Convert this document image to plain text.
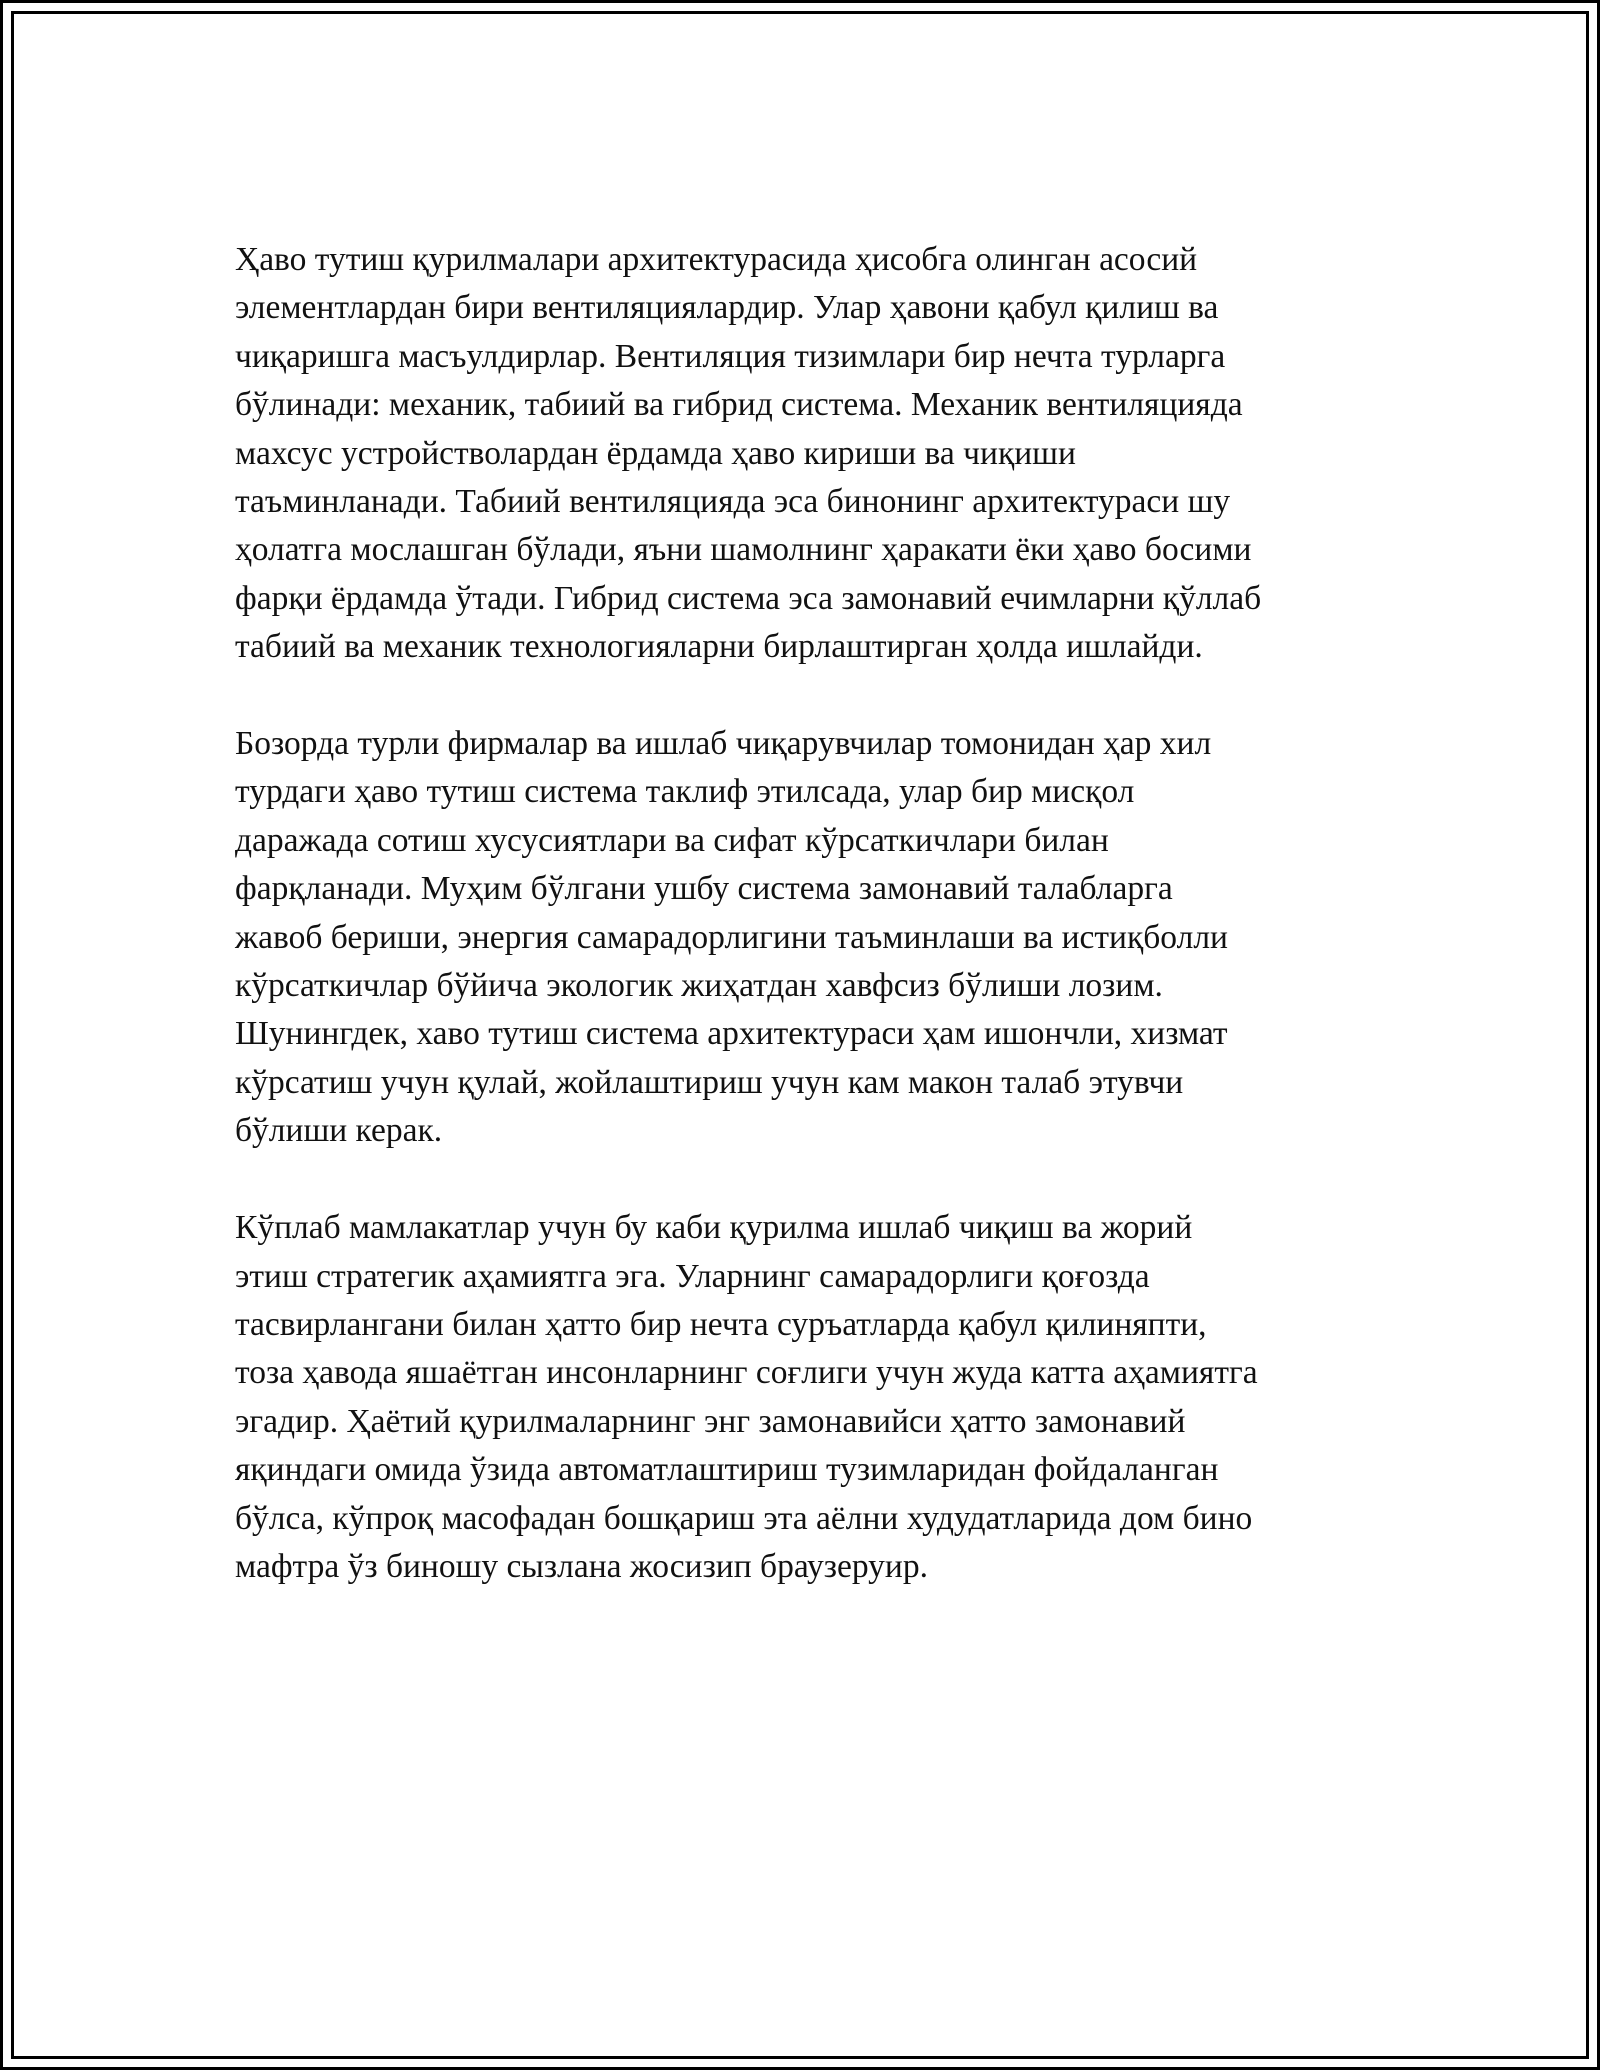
Ҳаво тутиш қурилмалари архитектурасида ҳисобга олинган асосий
элементлардан бири вентиляциялардир. Улар ҳавони қабул қилиш ва
чиқаришга масъулдирлар. Вентиляция тизимлари бир нечта турларга
бўлинади: механик, табиий ва гибрид система. Механик вентиляцияда
махсус устройстволардан ёрдамда ҳаво кириши ва чиқиши
таъминланади. Табиий вентиляцияда эса бинонинг архитектураси шу
ҳолатга мослашган бўлади, яъни шамолнинг ҳаракати ёки ҳаво босими
фарқи ёрдамда ўтади. Гибрид система эса замонавий ечимларни қўллаб
табиий ва механик технологияларни бирлаштирган ҳолда ишлайди.

Бозорда турли фирмалар ва ишлаб чиқарувчилар томонидан ҳар хил
турдаги ҳаво тутиш система таклиф этилсада, улар бир мисқол
даражада сотиш хусусиятлари ва сифат кўрсаткичлари билан
фарқланади. Муҳим бўлгани ушбу система замонавий талабларга
жавоб бериши, энергия самарадорлигини таъминлаши ва истиқболли
кўрсаткичлар бўйича экологик жиҳатдан хавфсиз бўлиши лозим.
Шунингдек, хаво тутиш система архитектураси ҳам ишончли, хизмат
кўрсатиш учун қулай, жойлаштириш учун кам макон талаб этувчи
бўлиши керак.

Кўплаб мамлакатлар учун бу каби қурилма ишлаб чиқиш ва жорий
этиш стратегик аҳамиятга эга. Уларнинг самарадорлиги қоғозда
тасвирлангани билан ҳатто бир нечта суръатларда қабул қилиняпти,
тоза ҳаводa яшаётган инсонларнинг соғлиги учун жуда катта аҳамиятга
эгадир. Ҳаётий қурилмаларнинг энг замонавийси ҳатто замонавий
яқиндаги омида ўзида автоматлаштириш тузимларидан фойдаланган
бўлса, кўпроқ масофадан бошқариш эта аёлни худудатларида дом бино
мафтра ўз биношу сызлана жосизип браузеруир.
